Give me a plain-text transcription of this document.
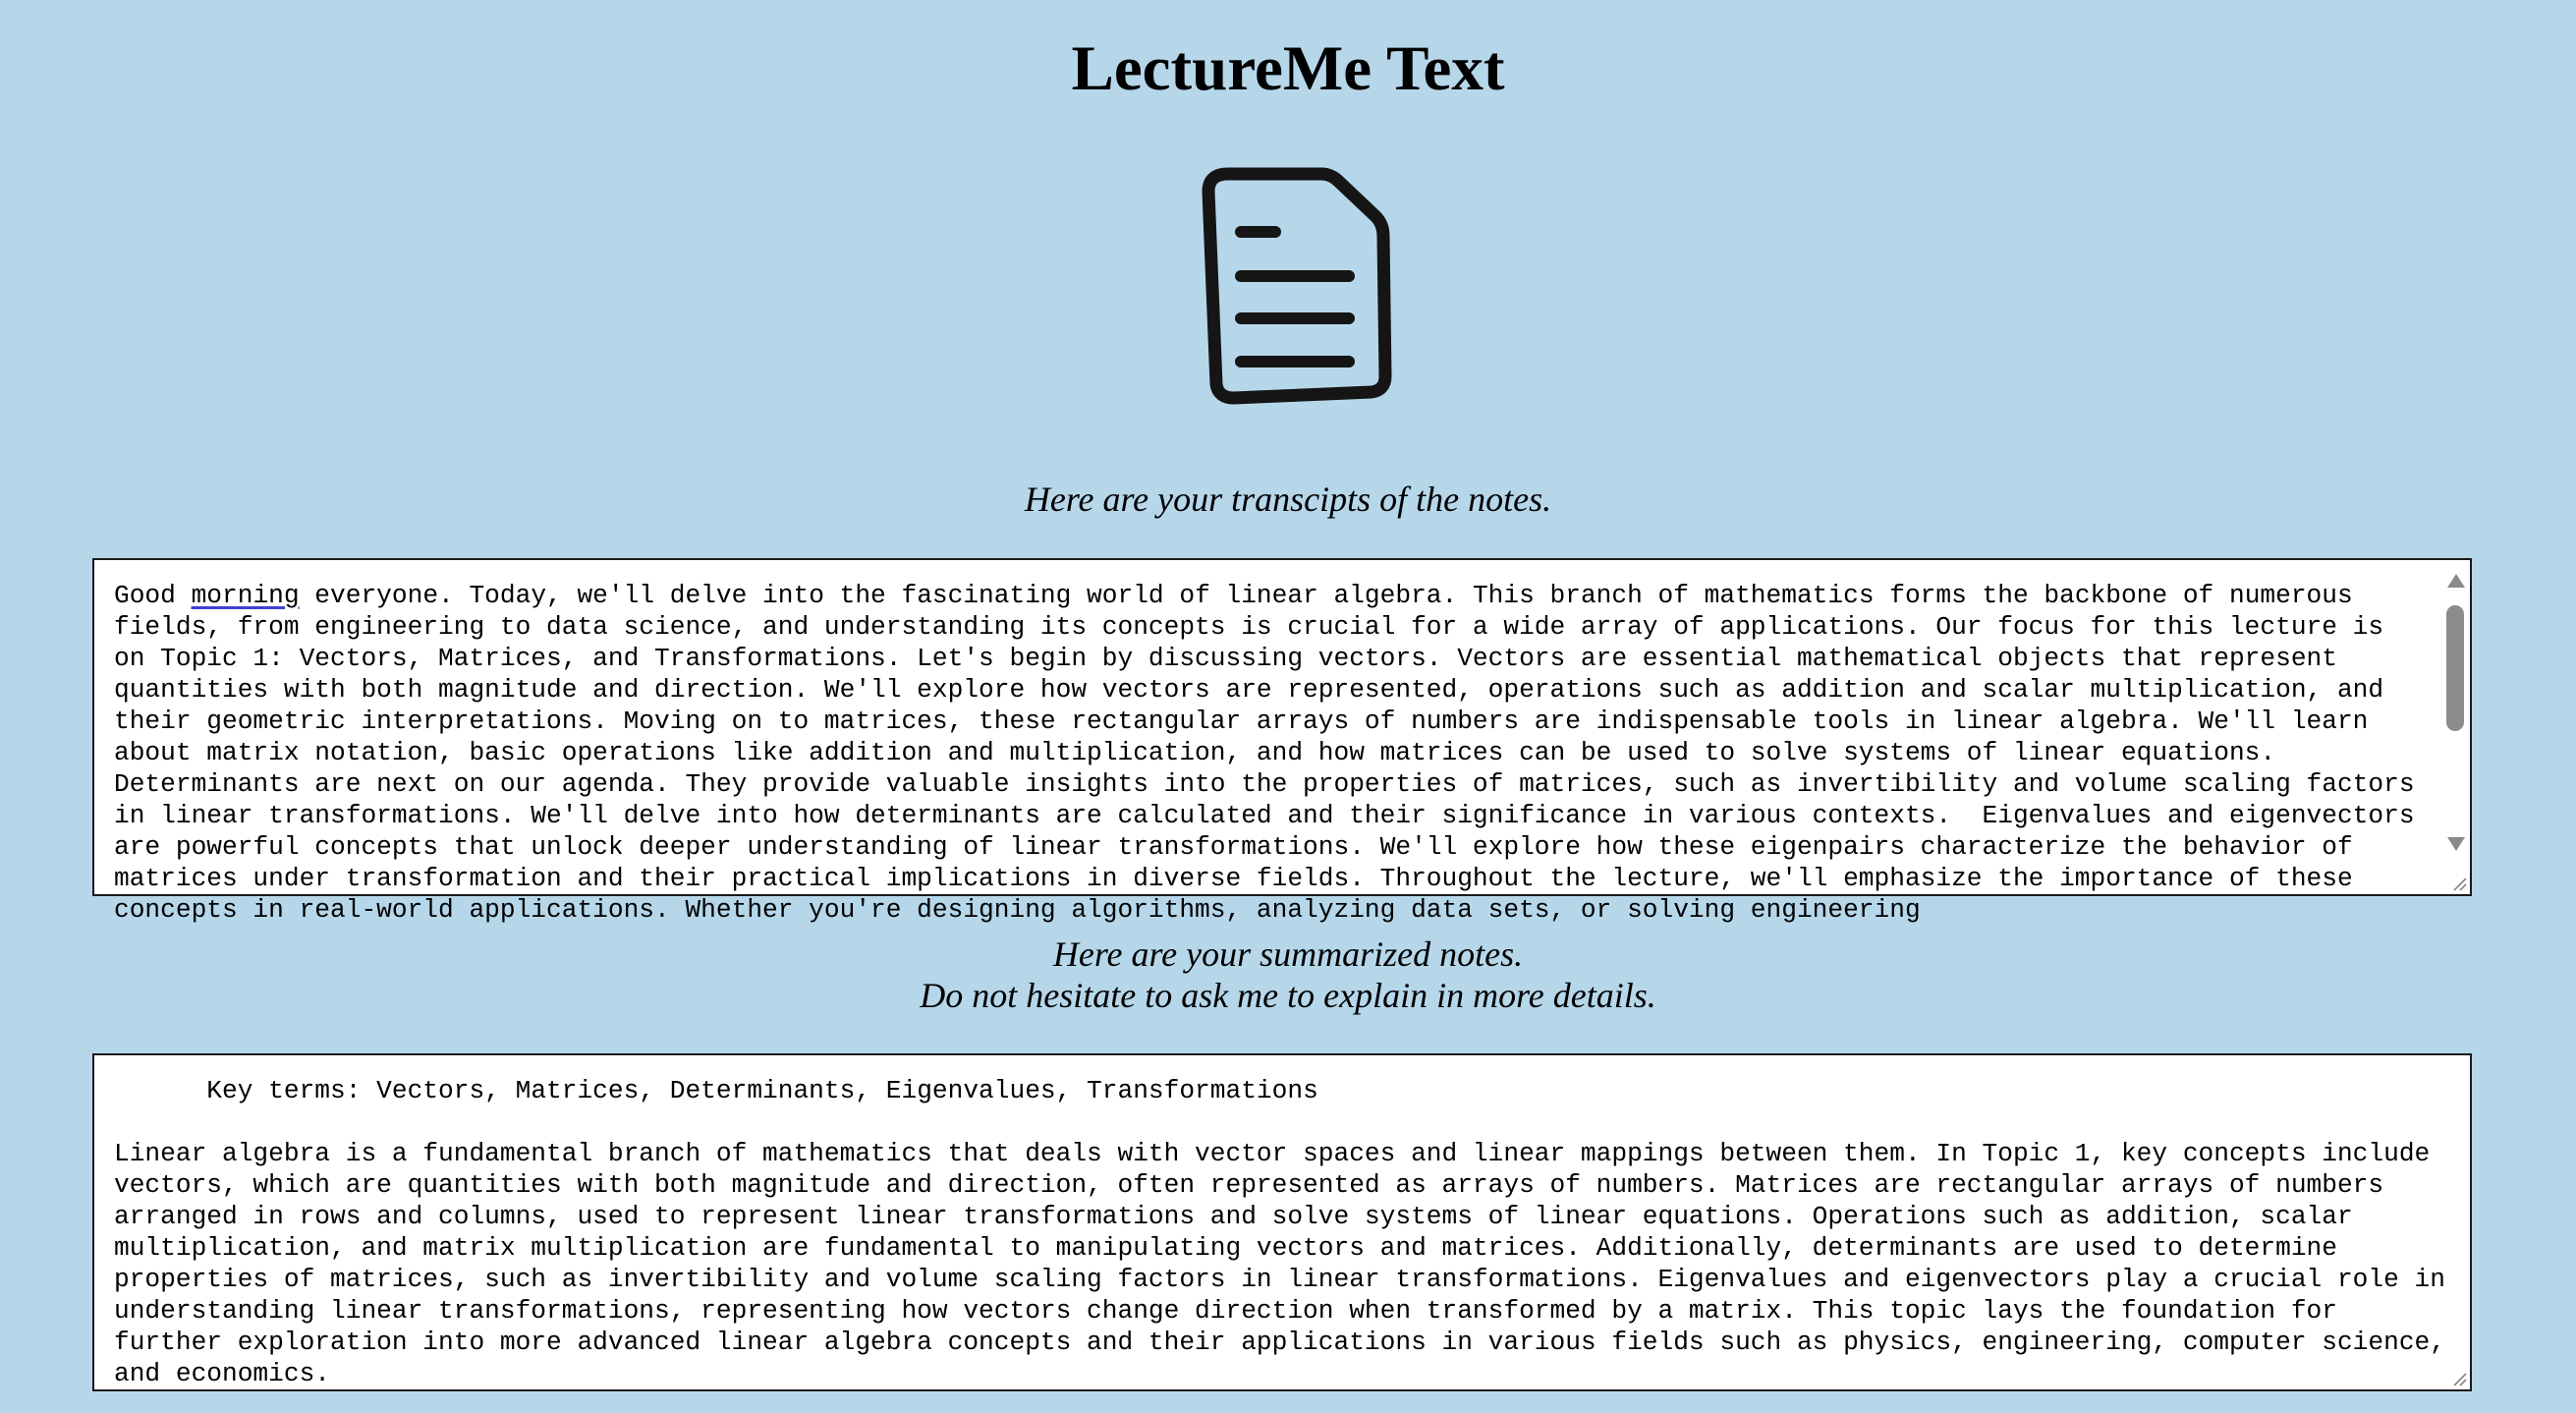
LectureMe Text

Here are your transcipts of the notes.

Good morning everyone. Today, we'll delve into the fascinating world of linear algebra. This branch of mathematics forms the backbone of numerous fields, from engineering to data science, and understanding its concepts is crucial for a wide array of applications. Our focus for this lecture is on Topic 1: Vectors, Matrices, and Transformations. Let's begin by discussing vectors. Vectors are essential mathematical objects that represent quantities with both magnitude and direction. We'll explore how vectors are represented, operations such as addition and scalar multiplication, and their geometric interpretations. Moving on to matrices, these rectangular arrays of numbers are indispensable tools in linear algebra. We'll learn about matrix notation, basic operations like addition and multiplication, and how matrices can be used to solve systems of linear equations. Determinants are next on our agenda. They provide valuable insights into the properties of matrices, such as invertibility and volume scaling factors in linear transformations. We'll delve into how determinants are calculated and their significance in various contexts.  Eigenvalues and eigenvectors are powerful concepts that unlock deeper understanding of linear transformations. We'll explore how these eigenpairs characterize the behavior of matrices under transformation and their practical implications in diverse fields. Throughout the lecture, we'll emphasize the importance of these concepts in real-world applications. Whether you're designing algorithms, analyzing data sets, or solving engineering

Here are your summarized notes.

Do not hesitate to ask me to explain in more details.

Key terms: Vectors, Matrices, Determinants, Eigenvalues, Transformations

Linear algebra is a fundamental branch of mathematics that deals with vector spaces and linear mappings between them. In Topic 1, key concepts include vectors, which are quantities with both magnitude and direction, often represented as arrays of numbers. Matrices are rectangular arrays of numbers arranged in rows and columns, used to represent linear transformations and solve systems of linear equations. Operations such as addition, scalar multiplication, and matrix multiplication are fundamental to manipulating vectors and matrices. Additionally, determinants are used to determine properties of matrices, such as invertibility and volume scaling factors in linear transformations. Eigenvalues and eigenvectors play a crucial role in understanding linear transformations, representing how vectors change direction when transformed by a matrix. This topic lays the foundation for further exploration into more advanced linear algebra concepts and their applications in various fields such as physics, engineering, computer science, and economics.
